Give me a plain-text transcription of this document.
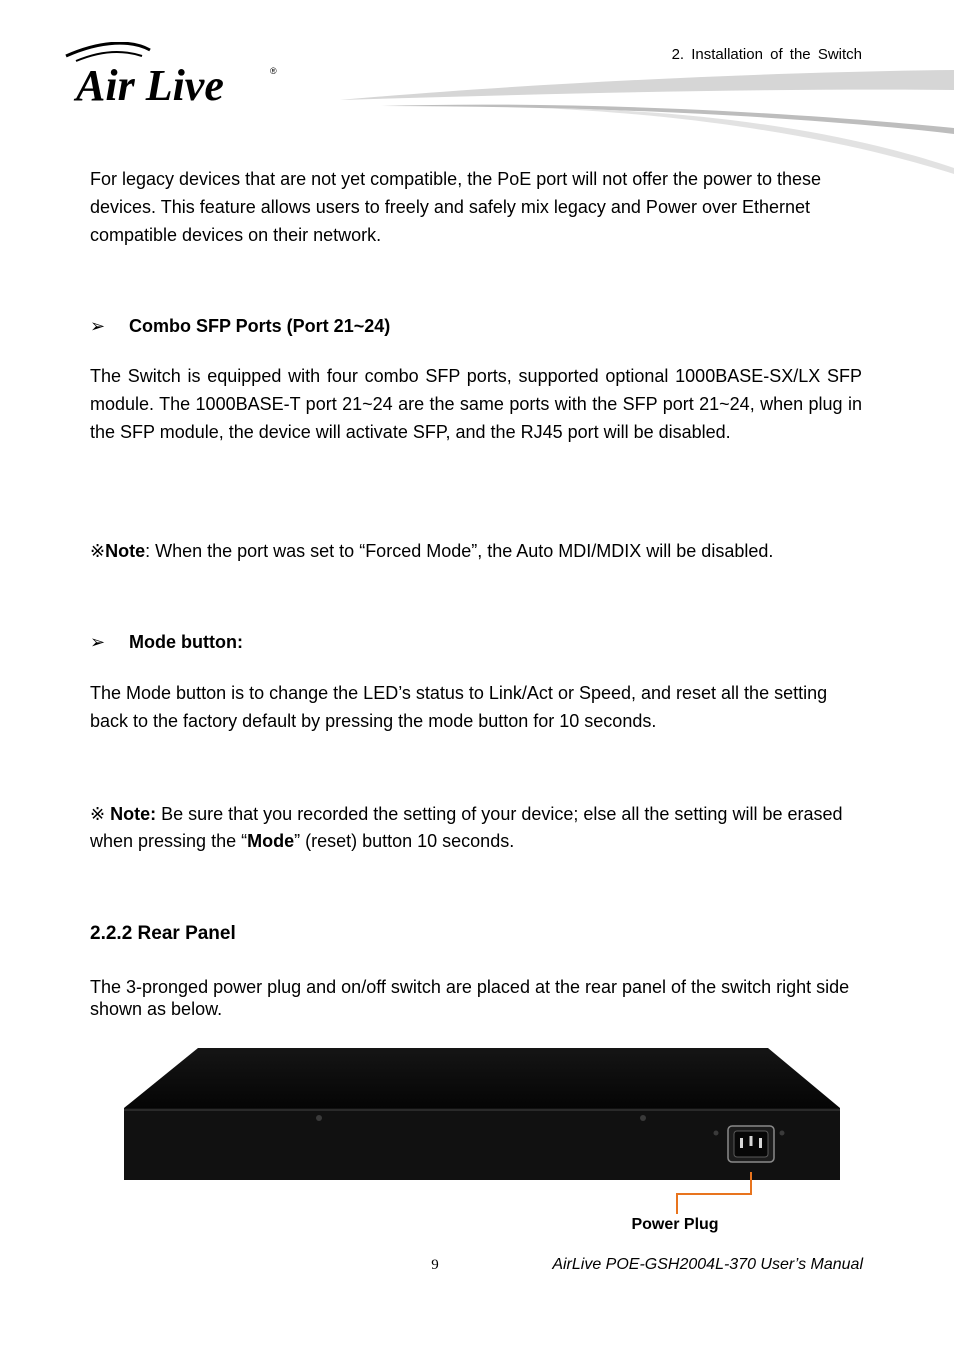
Air Live	®
2. Installation of the Switch

For legacy devices that are not yet compatible, the PoE port will not offer the power to these devices. This feature allows users to freely and safely mix legacy and Power over Ethernet compatible devices on their network.

➢ Combo SFP Ports (Port 21~24)

The Switch is equipped with four combo SFP ports, supported optional 1000BASE-SX/LX SFP module. The 1000BASE-T port 21~24 are the same ports with the SFP port 21~24, when plug in the SFP module, the device will activate SFP, and the RJ45 port will be disabled.

※Note: When the port was set to “Forced Mode”, the Auto MDI/MDIX will be disabled.

➢ Mode button:

The Mode button is to change the LED’s status to Link/Act or Speed, and reset all the setting back to the factory default by pressing the mode button for 10 seconds.

※ Note: Be sure that you recorded the setting of your device; else all the setting will be erased when pressing the “Mode” (reset) button 10 seconds.

2.2.2 Rear Panel

The 3-pronged power plug and on/off switch are placed at the rear panel of the switch right side shown as below.

Power Plug
9	AirLive POE-GSH2004L-370 User’s Manual
